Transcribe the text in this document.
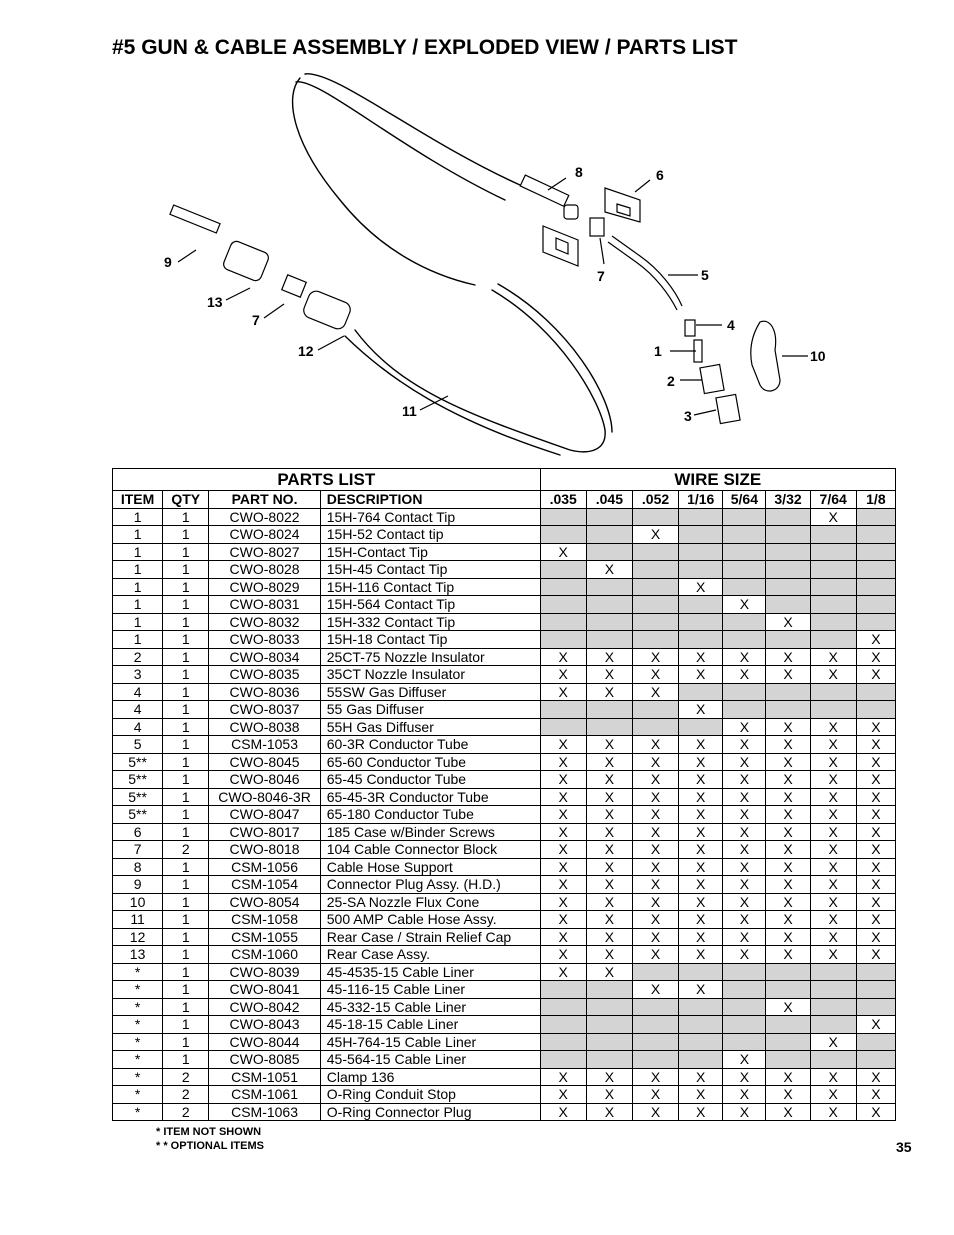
#5 GUN & CABLE ASSEMBLY / EXPLODED VIEW / PARTS LIST
8	6
9
7	5
13
7	4
1	10
12
2
11	3
PARTS LIST				WIRE SIZE							
ITEM	QTY	PART NO.	DESCRIPTION	.035	.045	.052	1/16	5/64	3/32	7/64	1/8
1	1	CWO-8022	15H-764 Contact Tip							X	
1	1	CWO-8024	15H-52 Contact tip			X					
1	1	CWO-8027	15H-Contact Tip	X							
1	1	CWO-8028	15H-45 Contact Tip		X						
1	1	CWO-8029	15H-116 Contact Tip				X				
1	1	CWO-8031	15H-564 Contact Tip					X			
1	1	CWO-8032	15H-332 Contact Tip						X		
1	1	CWO-8033	15H-18 Contact Tip								X
2	1	CWO-8034	25CT-75 Nozzle Insulator	X	X	X	X	X	X	X	X
3	1	CWO-8035	35CT Nozzle Insulator	X	X	X	X	X	X	X	X
4	1	CWO-8036	55SW Gas Diffuser	X	X	X					
4	1	CWO-8037	55 Gas Diffuser				X				
4	1	CWO-8038	55H Gas Diffuser					X	X	X	X
5	1	CSM-1053	60-3R Conductor Tube	X	X	X	X	X	X	X	X
5**	1	CWO-8045	65-60 Conductor Tube	X	X	X	X	X	X	X	X
5**	1	CWO-8046	65-45 Conductor Tube	X	X	X	X	X	X	X	X
5**	1	CWO-8046-3R	65-45-3R Conductor Tube	X	X	X	X	X	X	X	X
5**	1	CWO-8047	65-180 Conductor Tube	X	X	X	X	X	X	X	X
6	1	CWO-8017	185 Case w/Binder Screws	X	X	X	X	X	X	X	X
7	2	CWO-8018	104 Cable Connector Block	X	X	X	X	X	X	X	X
8	1	CSM-1056	Cable Hose Support	X	X	X	X	X	X	X	X
9	1	CSM-1054	Connector Plug Assy. (H.D.)	X	X	X	X	X	X	X	X
10	1	CWO-8054	25-SA Nozzle Flux Cone	X	X	X	X	X	X	X	X
11	1	CSM-1058	500 AMP Cable Hose Assy.	X	X	X	X	X	X	X	X
12	1	CSM-1055	Rear Case / Strain Relief Cap	X	X	X	X	X	X	X	X
13	1	CSM-1060	Rear Case Assy.	X	X	X	X	X	X	X	X
*	1	CWO-8039	45-4535-15 Cable Liner	X	X						
*	1	CWO-8041	45-116-15 Cable Liner			X	X				
*	1	CWO-8042	45-332-15 Cable Liner						X		
*	1	CWO-8043	45-18-15 Cable Liner								X
*	1	CWO-8044	45H-764-15 Cable Liner							X	
*	1	CWO-8085	45-564-15 Cable Liner					X			
*	2	CSM-1051	Clamp 136	X	X	X	X	X	X	X	X
*	2	CSM-1061	O-Ring Conduit Stop	X	X	X	X	X	X	X	X
*	2	CSM-1063	O-Ring Connector Plug	X	X	X	X	X	X	X	X
* ITEM NOT SHOWN
* * OPTIONAL ITEMS	35
